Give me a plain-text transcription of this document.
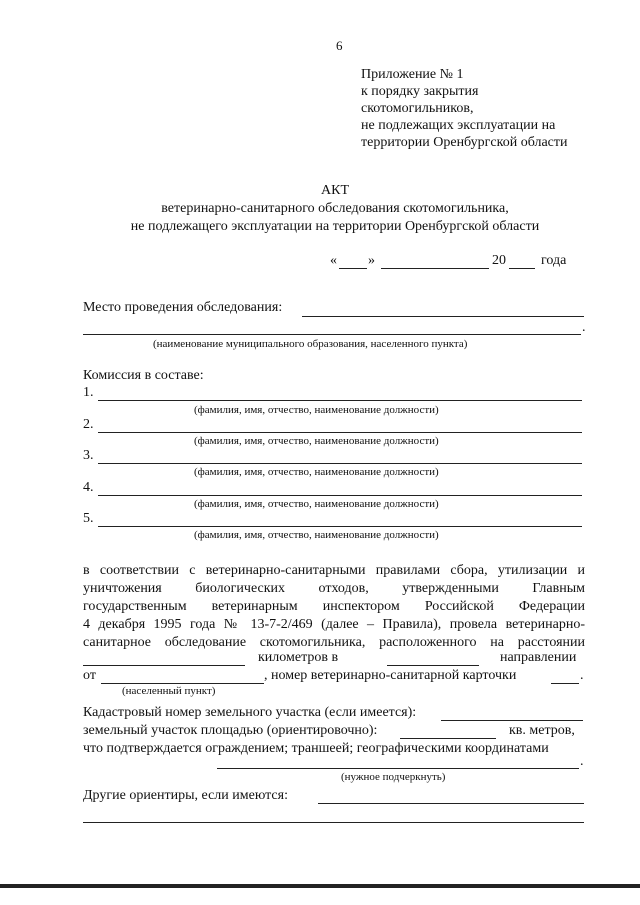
6
Приложение № 1
к порядку закрытия
скотомогильников,
не подлежащих эксплуатации на
территории Оренбургской области
АКТ
ветеринарно-санитарного обследования скотомогильника,
не подлежащего эксплуатации на территории Оренбургской области
« »	20	года
Место проведения обследования:
.
(наименование муниципального образования, населенного пункта)
Комиссия в составе:
1.
(фамилия, имя, отчество, наименование должности)
2.
(фамилия, имя, отчество, наименование должности)
3.
(фамилия, имя, отчество, наименование должности)
4.
(фамилия, имя, отчество, наименование должности)
5.
(фамилия, имя, отчество, наименование должности)
в соответствии с ветеринарно-санитарными правилами сбора, утилизации и
уничтожения биологических отходов, утвержденными Главным
государственным ветеринарным инспектором Российской Федерации
4 декабря 1995 года № 13-7-2/469 (далее – Правила), провела ветеринарно-
санитарное обследование скотомогильника, расположенного на расстоянии
километров в	направлении
от	, номер ветеринарно-санитарной карточки	.
(населенный пункт)
Кадастровый номер земельного участка (если имеется):
земельный участок площадью (ориентировочно):	кв. метров,
что подтверждается ограждением; траншеей; географическими координатами
.
(нужное подчеркнуть)
Другие ориентиры, если имеются:
